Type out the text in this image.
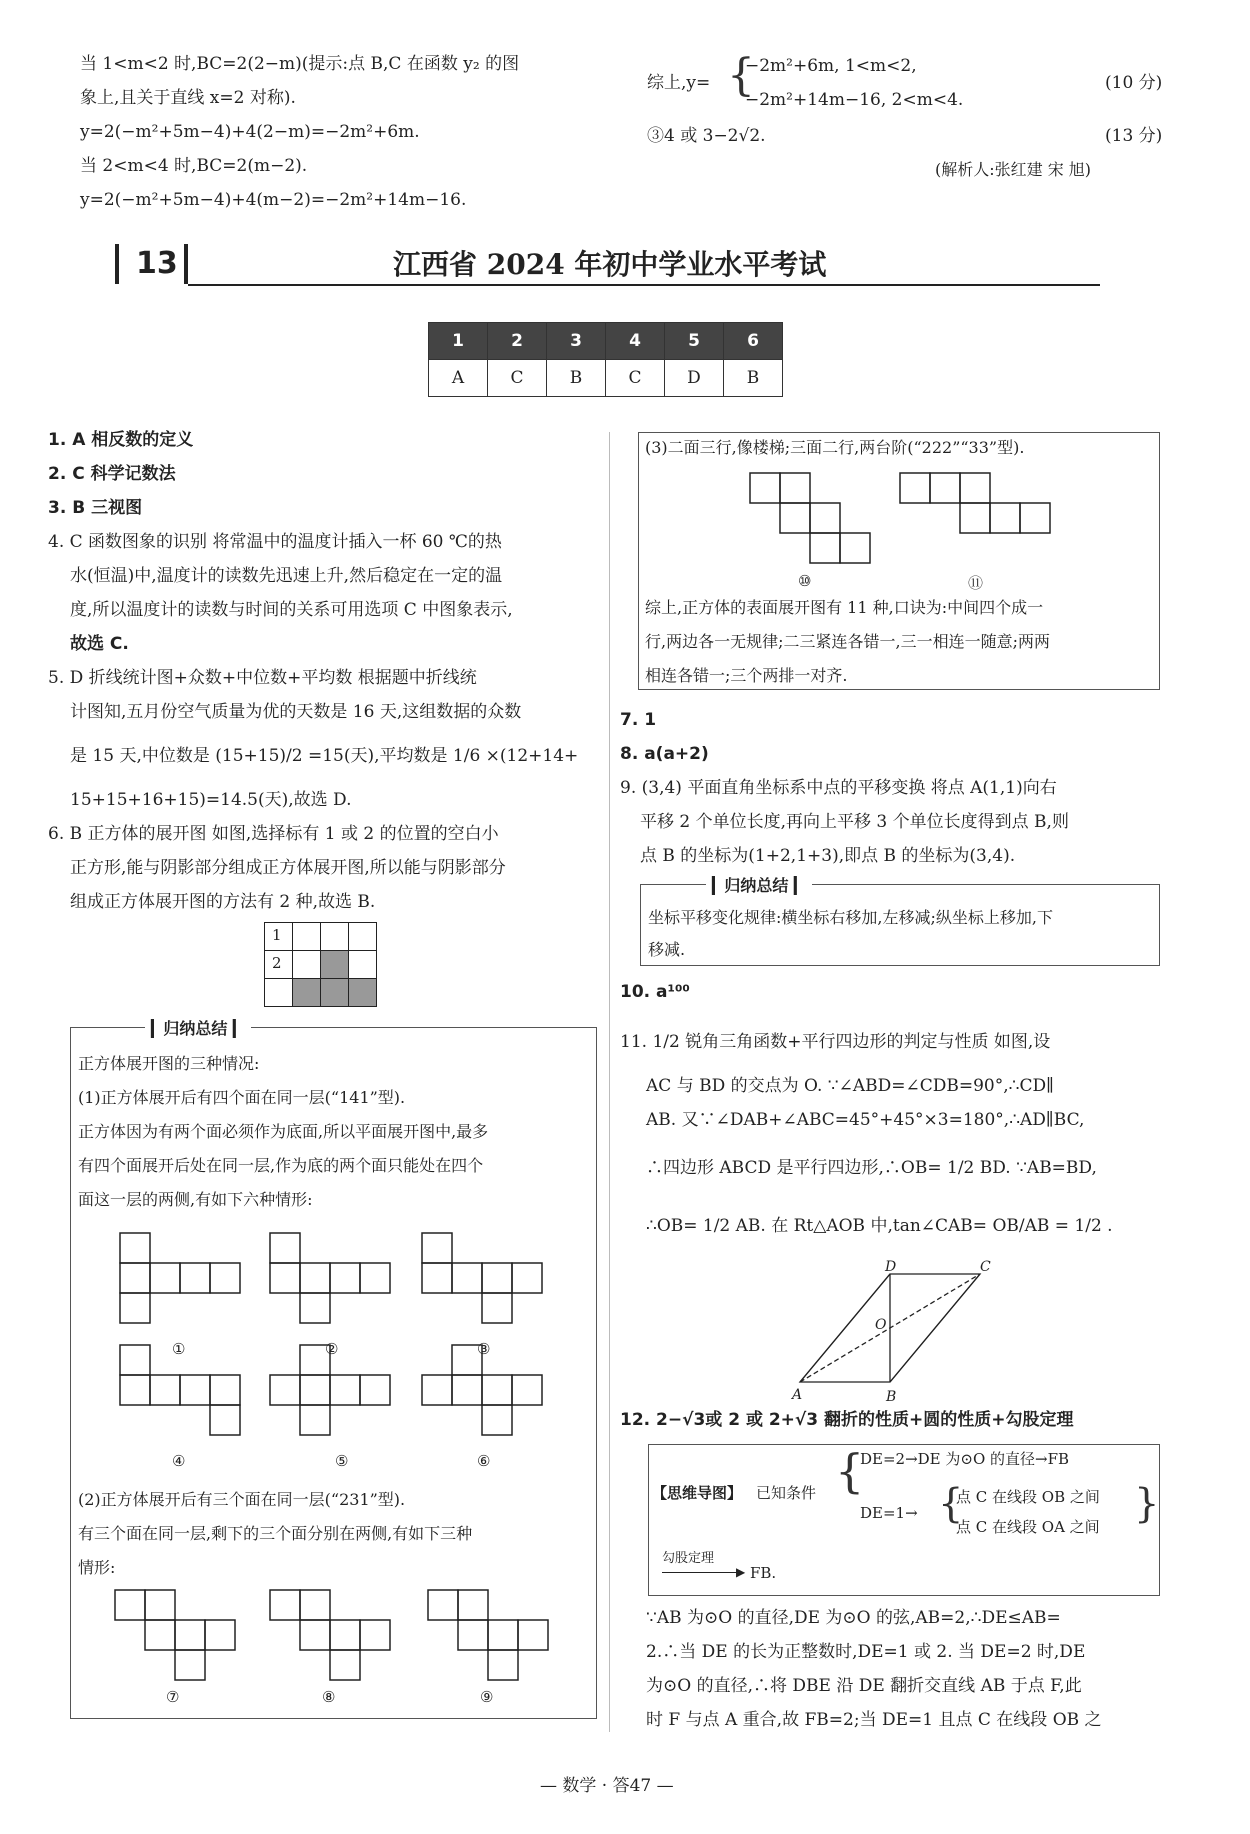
当 1<m<2 时,BC=2(2−m)(提示:点 B,C 在函数 y₂ 的图
象上,且关于直线 x=2 对称).
y=2(−m²+5m−4)+4(2−m)=−2m²+6m.
当 2<m<4 时,BC=2(m−2).
y=2(−m²+5m−4)+4(m−2)=−2m²+14m−16.
综上,y= {
−2m²+6m, 1<m<2,
−2m²+14m−16, 2<m<4.
(10 分)
③4 或 3−2√2.	(13 分)
(解析人:张红建 宋 旭)
13	江西省 2024 年初中学业水平考试
1	2	3	4	5	6
A	C	B	C	D	B
1. A 相反数的定义
2. C 科学记数法
3. B 三视图
4. C 函数图象的识别 将常温中的温度计插入一杯 60 ℃的热
水(恒温)中,温度计的读数先迅速上升,然后稳定在一定的温
度,所以温度计的读数与时间的关系可用选项 C 中图象表示,
故选 C.
5. D 折线统计图+众数+中位数+平均数 根据题中折线统
计图知,五月份空气质量为优的天数是 16 天,这组数据的众数
是 15 天,中位数是 (15+15)/2 =15(天),平均数是 1/6 ×(12+14+
15+15+16+15)=14.5(天),故选 D.
6. B 正方体的展开图 如图,选择标有 1 或 2 的位置的空白小
正方形,能与阴影部分组成正方体展开图,所以能与阴影部分
组成正方体展开图的方法有 2 种,故选 B.
1
2
▎归纳总结 ▎
正方体展开图的三种情况:
(1)正方体展开后有四个面在同一层(“141”型).
正方体因为有两个面必须作为底面,所以平面展开图中,最多
有四个面展开后处在同一层,作为底的两个面只能处在四个
面这一层的两侧,有如下六种情形:
①	②	③
④	⑤	⑥
(2)正方体展开后有三个面在同一层(“231”型).
有三个面在同一层,剩下的三个面分别在两侧,有如下三种
情形:
⑦	⑧	⑨
(3)二面三行,像楼梯;三面二行,两台阶(“222”“33”型).
⑩	⑪
综上,正方体的表面展开图有 11 种,口诀为:中间四个成一
行,两边各一无规律;二三紧连各错一,三一相连一随意;两两
相连各错一;三个两排一对齐.
7. 1
8. a(a+2)
9. (3,4) 平面直角坐标系中点的平移变换 将点 A(1,1)向右
平移 2 个单位长度,再向上平移 3 个单位长度得到点 B,则
点 B 的坐标为(1+2,1+3),即点 B 的坐标为(3,4).
▎归纳总结 ▎
坐标平移变化规律:横坐标右移加,左移减;纵坐标上移加,下
移减.
10. a¹⁰⁰
11. 1/2 锐角三角函数+平行四边形的判定与性质 如图,设
AC 与 BD 的交点为 O. ∵∠ABD=∠CDB=90°,∴CD∥
AB. 又∵∠DAB+∠ABC=45°+45°×3=180°,∴AD∥BC,
∴四边形 ABCD 是平行四边形,∴OB= 1/2 BD. ∵AB=BD,
∴OB= 1/2 AB. 在 Rt△AOB 中,tan∠CAB= OB/AB = 1/2 .
A	B
C
D
O
12. 2−√3或 2 或 2+√3 翻折的性质+圆的性质+勾股定理
【思维导图】 已知条件 {
DE=2→DE 为⊙O 的直径→FB
DE=1→ {
点 C 在线段 OB 之间
点 C 在线段 OA 之间 }
勾股定理
▶ FB.
∵AB 为⊙O 的直径,DE 为⊙O 的弦,AB=2,∴DE≤AB=
2.∴当 DE 的长为正整数时,DE=1 或 2. 当 DE=2 时,DE
为⊙O 的直径,∴将 DBE 沿 DE 翻折交直线 AB 于点 F,此
时 F 与点 A 重合,故 FB=2;当 DE=1 且点 C 在线段 OB 之
— 数学 · 答47 —
